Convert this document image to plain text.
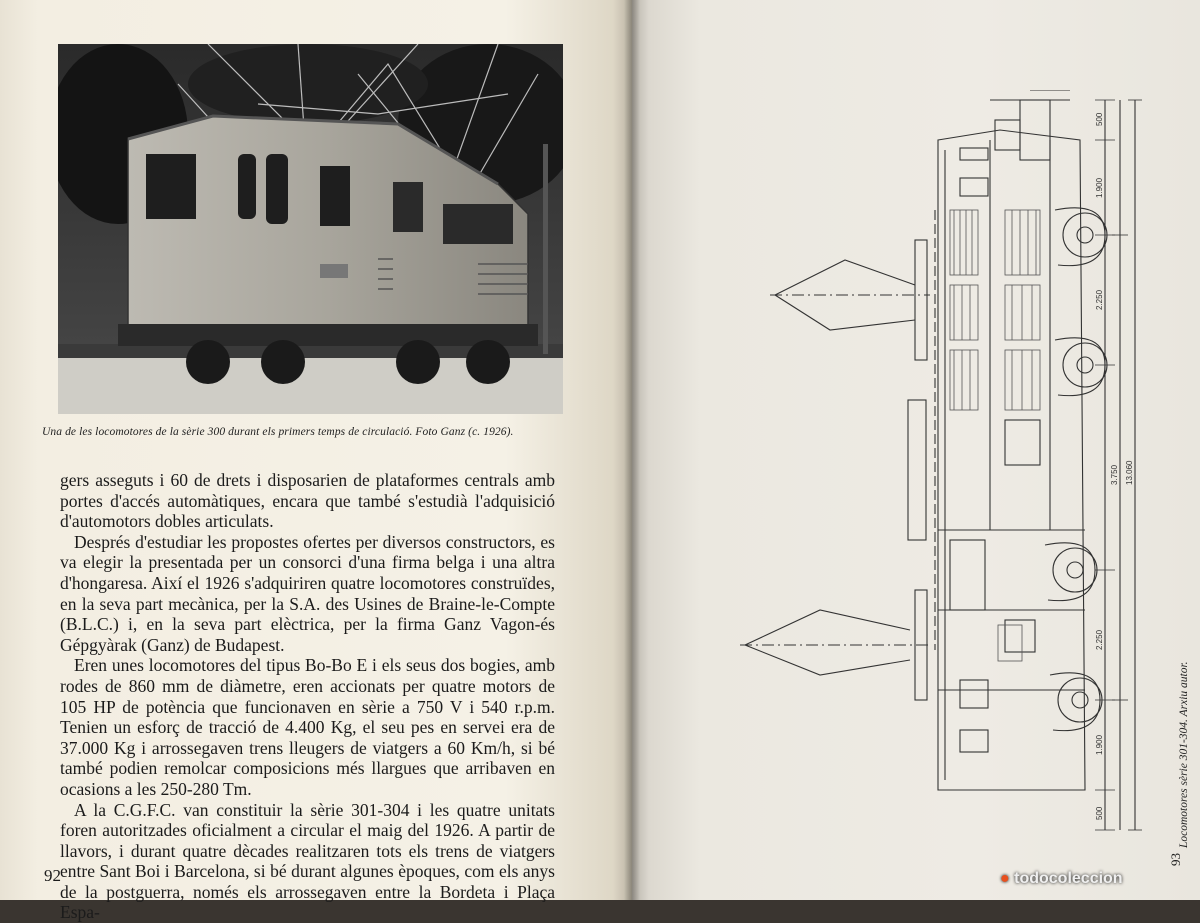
Una de les locomotores de la sèrie 300 durant els primers temps de circulació. Foto Ganz (c. 1926).

gers asseguts i 60 de drets i disposarien de plataformes centrals amb portes d'accés automàtiques, encara que també s'estudià l'adquisició d'automotors dobles articulats.

Després d'estudiar les propostes ofertes per diversos constructors, es va elegir la presentada per un consorci d'una firma belga i una altra d'hongaresa. Així el 1926 s'adquiriren quatre locomotores construïdes, en la seva part mecànica, per la S.A. des Usines de Braine-le-Compte (B.L.C.) i, en la seva part elèctrica, per la firma Ganz Vagon-és Gépgyàrak (Ganz) de Budapest.

Eren unes locomotores del tipus Bo-Bo E i els seus dos bogies, amb rodes de 860 mm de diàmetre, eren accionats per quatre motors de 105 HP de potència que funcionaven en sèrie a 750 V i 540 r.p.m. Tenien un esforç de tracció de 4.400 Kg, el seu pes en servei era de 37.000 Kg i arrossegaven trens lleugers de viatgers a 60 Km/h, si bé també podien remolcar composicions més llargues que arribaven en ocasions a les 250-280 Tm.

A la C.G.F.C. van constituir la sèrie 301-304 i les quatre unitats foren autoritzades oficialment a circular el maig del 1926. A partir de llavors, i durant quatre dècades realitzaren tots els trens de viatgers entre Sant Boi i Barcelona, si bé durant algunes èpoques, com els anys de la postguerra, només els arrossegaven entre la Bordeta i Plaça Espa-

92
500
1.900
2.250
2.250
1.900
500
3.750 13.060
Locomotores sèrie 301-304. Arxiu autor.
93
● todocoleccion
